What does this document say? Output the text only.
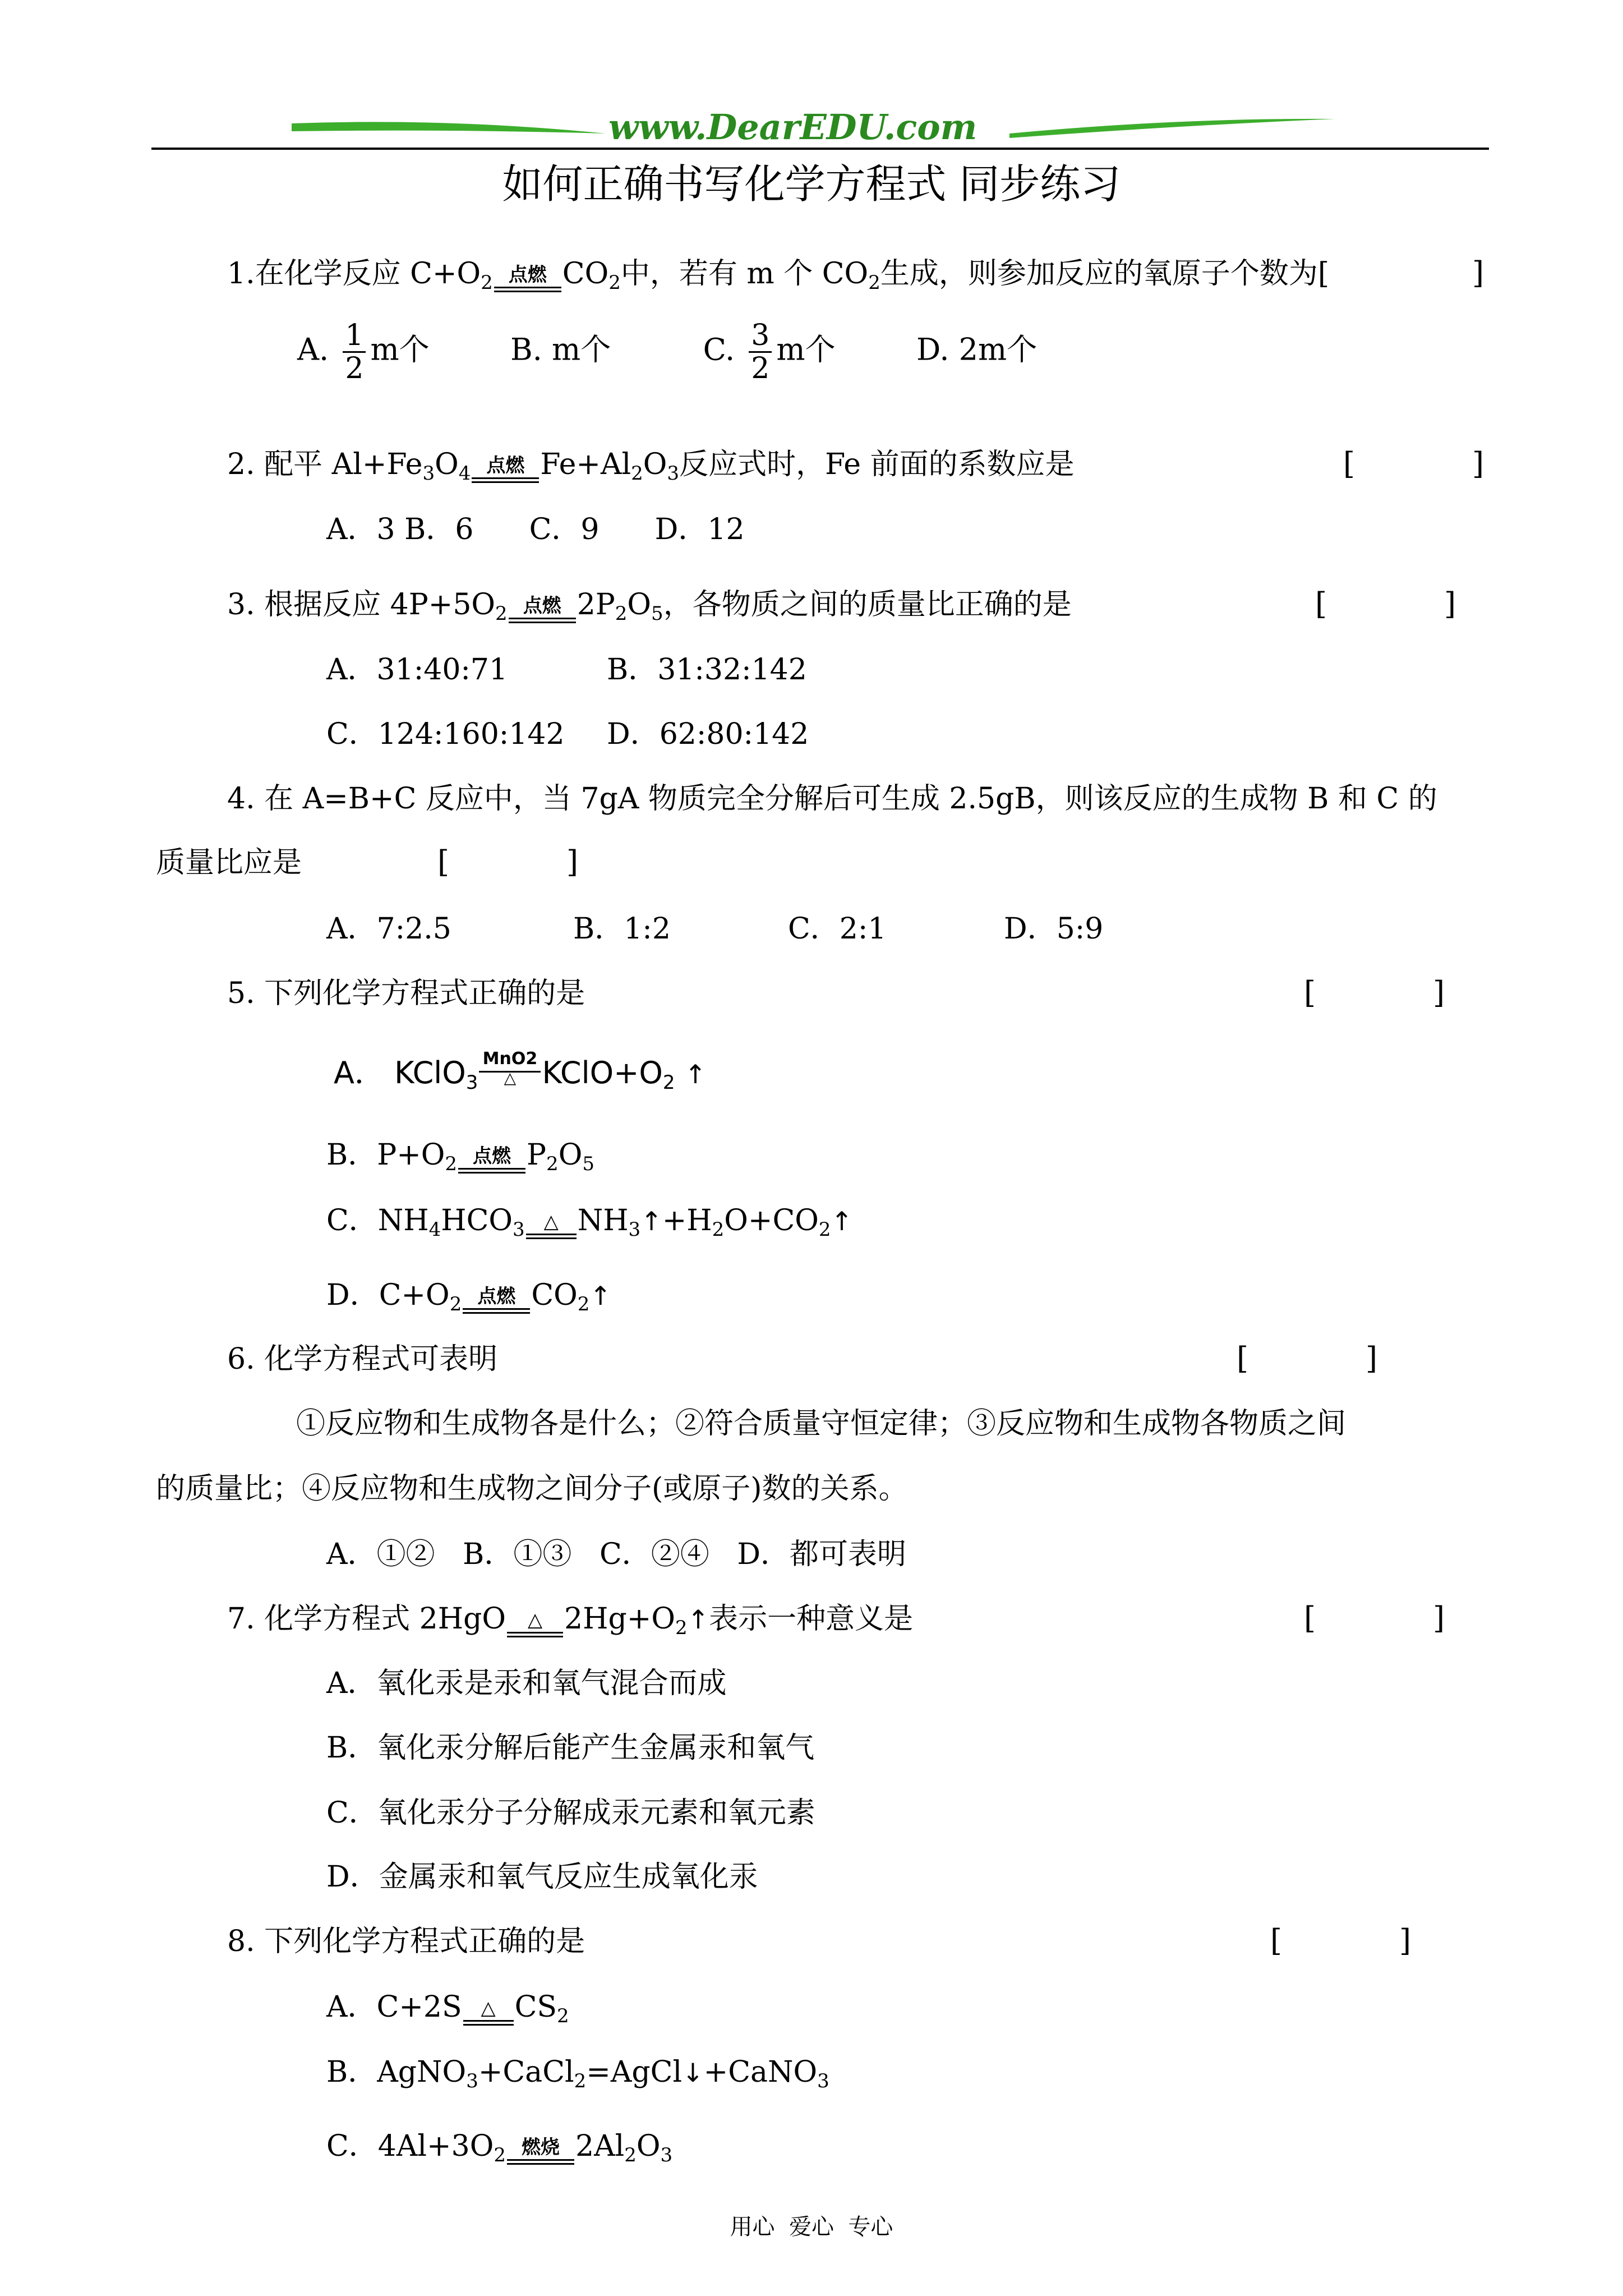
www.DearEDU.com
如何正确书写化学方程式 同步练习
1.在化学反应 $C+O_2$ 点燃 $CO_2$中，若有 m 个 $CO_2$生成，则参加反应的氧原子个数为[	]
A. $\frac{1}{2}$ m个	B. m个	C. $\frac{3}{2}$ m个	D. 2m个
2. 配平 $Al+Fe_3O_4$ 点燃 $Fe+Al_2O_3$反应式时，Fe 前面的系数应是	[	]
A．3 B．6      C．9      D．12
3. 根据反应 $4P+5O_2$ 点燃 $2P_2O_5$，各物质之间的质量比正确的是	[	]
A．31:40:71	B．31:32:142
C．124:160:142 D．62:80:142
4. 在 A=B+C 反应中，当 7gA 物质完全分解后可生成 2.5gB，则该反应的生成物 B 和 C 的
质量比应是	[	]
A．7:2.5	B．1:2	C．2:1	D．5:9
5. 下列化学方程式正确的是	[	]
A． KClO$_3$
MnO2
△ $KClO+O_2$ ↑
B．$P+O_2$ 点燃 $P_2O_5$
C．$NH_4HCO_3$ △ $NH_3↑+H_2O+CO_2↑$
D．$C+O_2$ 点燃 $CO_2↑$
6. 化学方程式可表明	[	]
①反应物和生成物各是什么；②符合质量守恒定律；③反应物和生成物各物质之间
的质量比；④反应物和生成物之间分子(或原子)数的关系。
A．①②   B．①③   C．②④   D．都可表明
7. 化学方程式 2HgO	△ $2Hg+O_2↑$表示一种意义是	[	]
A．氧化汞是汞和氧气混合而成
B．氧化汞分解后能产生金属汞和氧气
C．氧化汞分子分解成汞元素和氧元素
D．金属汞和氧气反应生成氧化汞
8. 下列化学方程式正确的是	[	]
A．C+2S △ $CS_2$
B．AgNO$_3$+CaCl$_2$=AgCl↓+CaNO$_3$
C．$4Al+3O_2$ 燃烧 $2Al_2O_3$
用心  爱心  专心
